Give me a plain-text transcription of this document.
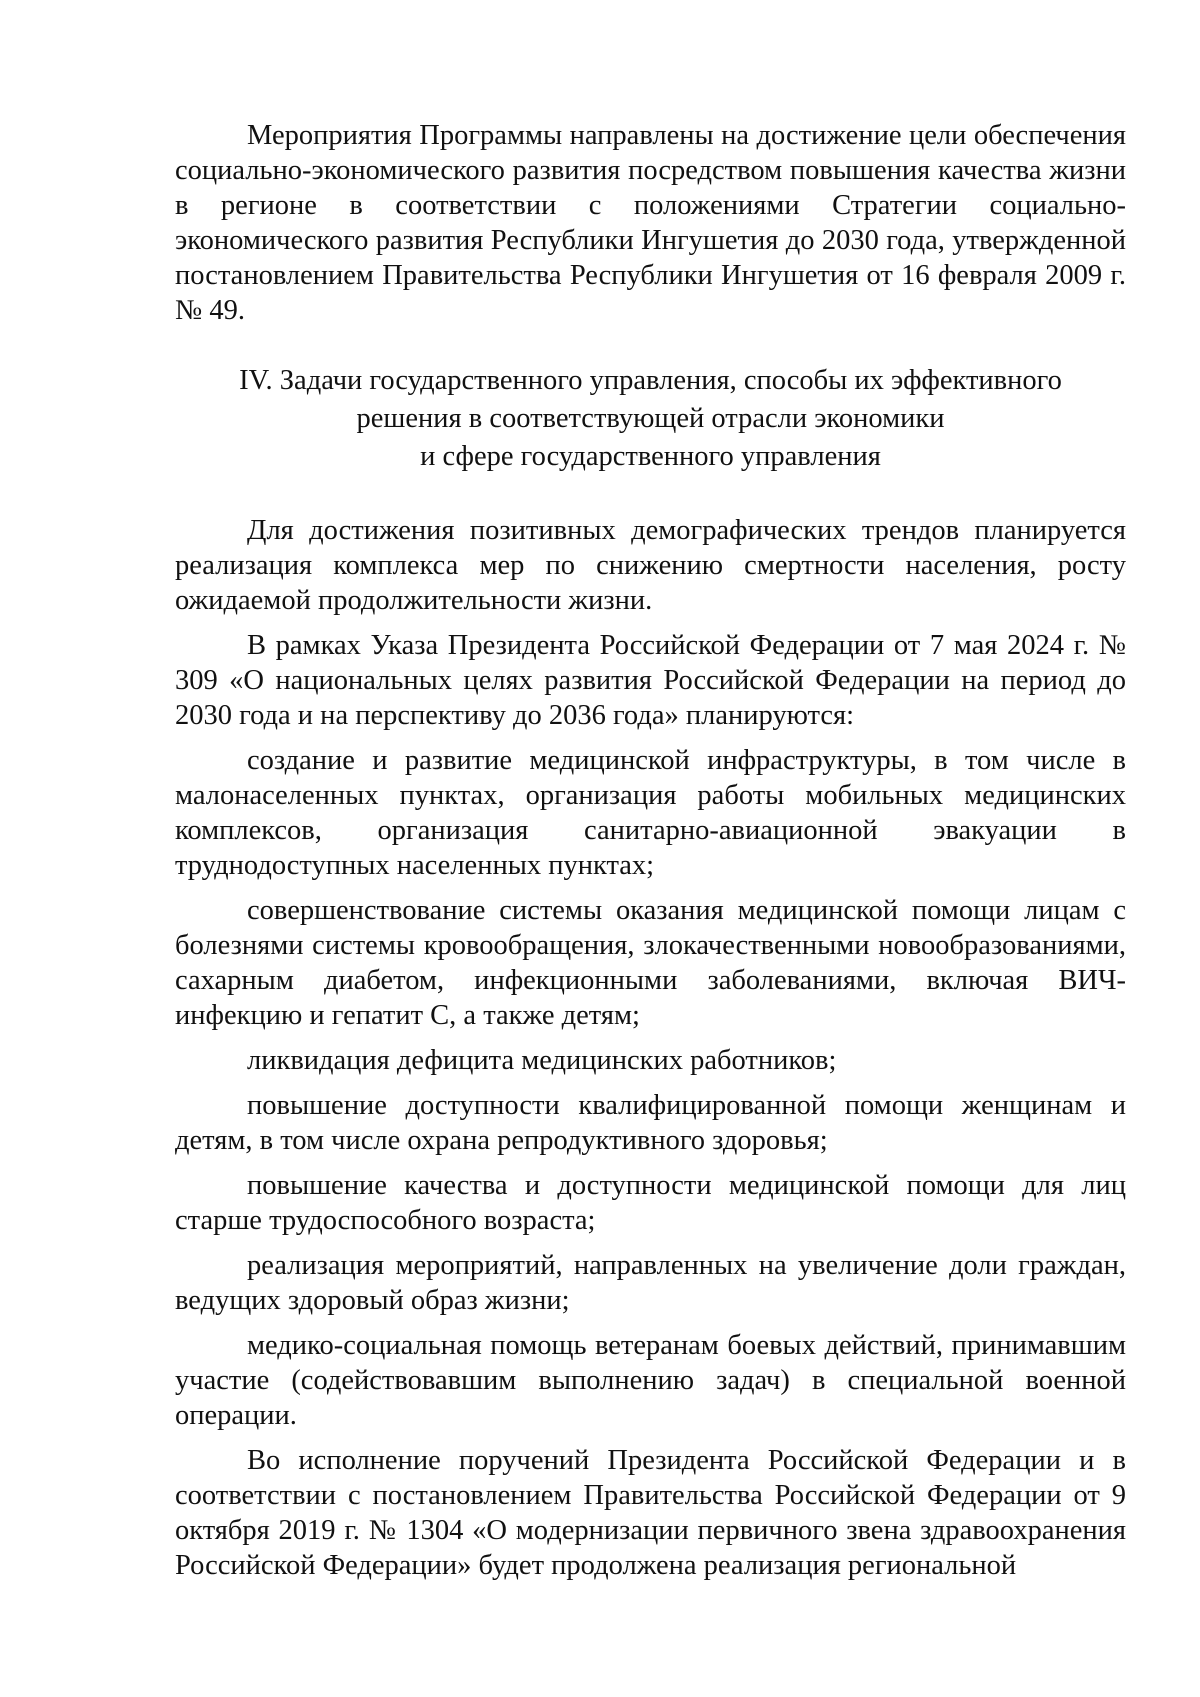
Мероприятия Программы направлены на достижение цели обеспечения социально-экономического развития посредством повышения качества жизни в регионе в соответствии с положениями Стратегии социально-экономического развития Республики Ингушетия до 2030 года, утвержденной постановлением Правительства Республики Ингушетия от 16 февраля 2009 г. № 49.

IV. Задачи государственного управления, способы их эффективного
решения в соответствующей отрасли экономики
и сфере государственного управления

Для достижения позитивных демографических трендов планируется реализация комплекса мер по снижению смертности населения, росту ожидаемой продолжительности жизни.

В рамках Указа Президента Российской Федерации от 7 мая 2024 г. № 309 «О национальных целях развития Российской Федерации на период до 2030 года и на перспективу до 2036 года» планируются:

создание и развитие медицинской инфраструктуры, в том числе в малонаселенных пунктах, организация работы мобильных медицинских комплексов, организация санитарно-авиационной эвакуации в труднодоступных населенных пунктах;

совершенствование системы оказания медицинской помощи лицам с болезнями системы кровообращения, злокачественными новообразованиями, сахарным диабетом, инфекционными заболеваниями, включая ВИЧ-инфекцию и гепатит С, а также детям;

ликвидация дефицита медицинских работников;

повышение доступности квалифицированной помощи женщинам и детям, в том числе охрана репродуктивного здоровья;

повышение качества и доступности медицинской помощи для лиц старше трудоспособного возраста;

реализация мероприятий, направленных на увеличение доли граждан, ведущих здоровый образ жизни;

медико-социальная помощь ветеранам боевых действий, принимавшим участие (содействовавшим выполнению задач) в специальной военной операции.

Во исполнение поручений Президента Российской Федерации и в соответствии с постановлением Правительства Российской Федерации от 9 октября 2019 г. № 1304 «О модернизации первичного звена здравоохранения Российской Федерации» будет продолжена реализация региональной
